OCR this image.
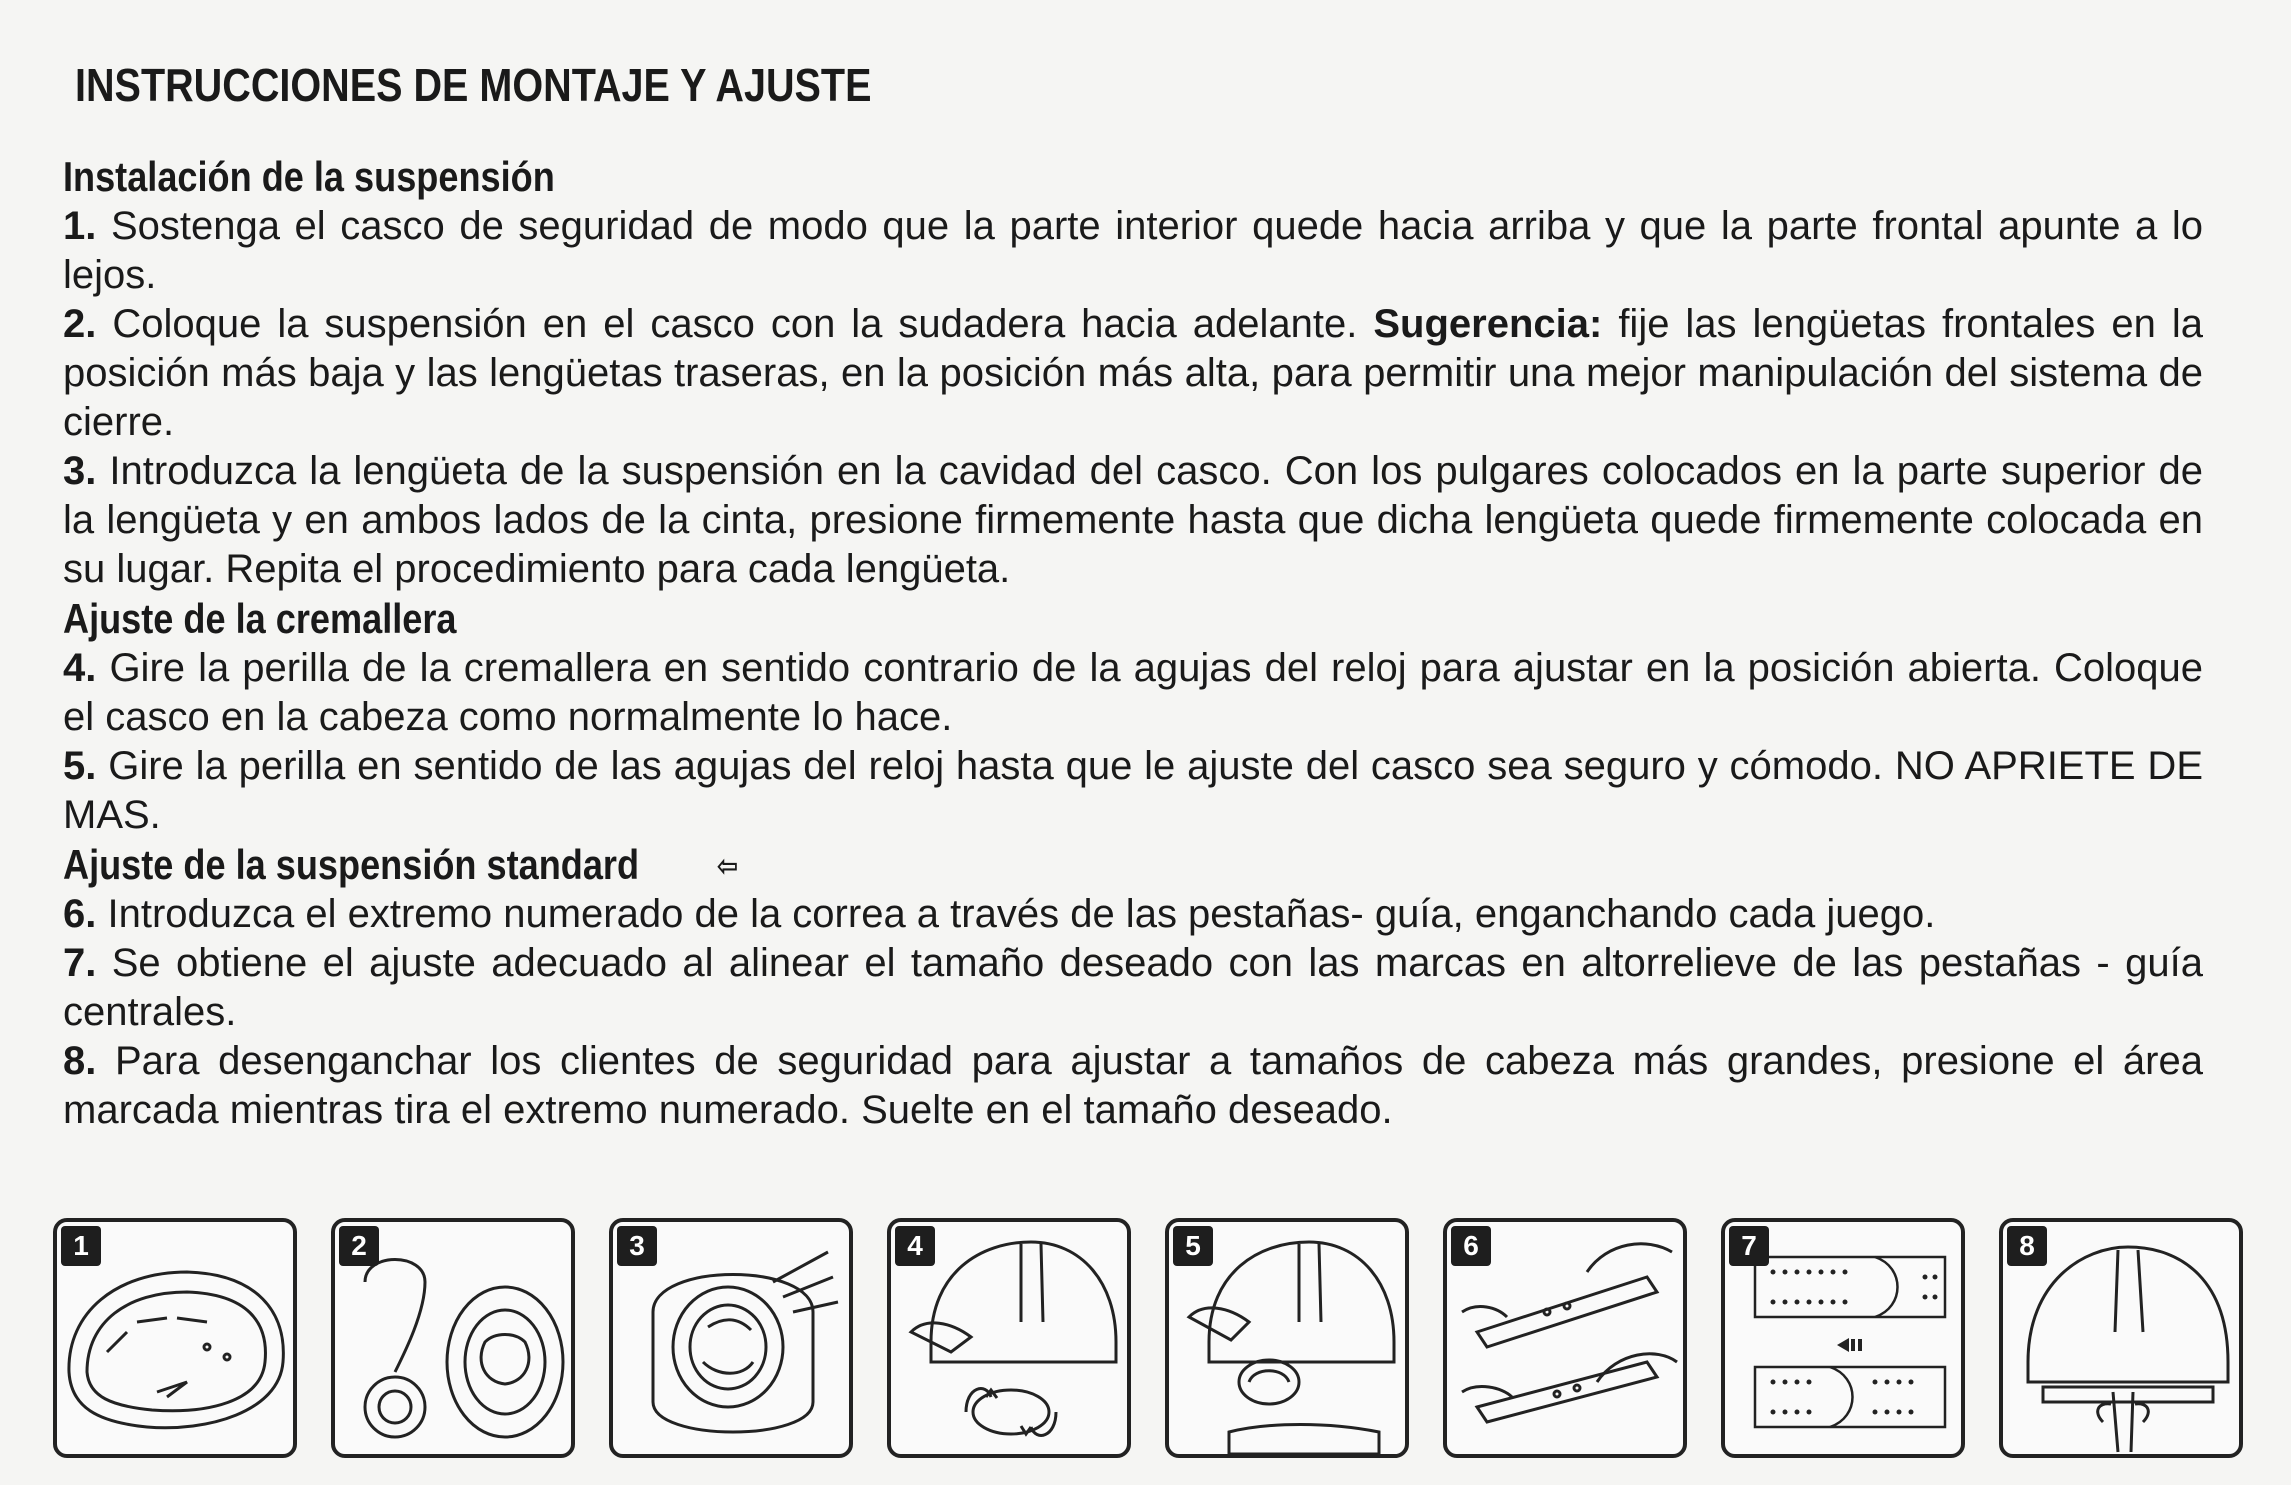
INSTRUCCIONES DE MONTAJE Y AJUSTE
Instalación de la suspensión

1. Sostenga el casco de seguridad de modo que la parte interior quede hacia arriba y que la parte frontal apunte a lo lejos.

2. Coloque la suspensión en el casco con la sudadera hacia adelante. Sugerencia: fije las lengüetas frontales en la posición más baja y las lengüetas traseras, en la posición más alta, para permitir una mejor manipulación del sistema de cierre.

3. Introduzca la lengüeta de la suspensión en la cavidad del casco. Con los pulgares colocados en la parte superior de la lengüeta y en ambos lados de la cinta, presione firmemente hasta que dicha lengüeta quede firmemente colocada en su lugar. Repita el procedimiento para cada lengüeta.

Ajuste de la cremallera

4. Gire la perilla de la cremallera en sentido contrario de la agujas del reloj para ajustar en la posición abierta. Coloque el casco en la cabeza como normalmente lo hace.

5. Gire la perilla en sentido de las agujas del reloj hasta que le ajuste del casco sea seguro y cómodo. NO APRIETE DE MAS.

Ajuste de la suspensión standard	⇦

6. Introduzca el extremo numerado de la correa a través de las pestañas- guía, enganchando cada juego.

7. Se obtiene el ajuste adecuado al alinear el tamaño deseado con las marcas en altorrelieve de las pestañas - guía centrales.

8. Para desenganchar los clientes de seguridad para ajustar a tamaños de cabeza más grandes, presione el área marcada mientras tira el extremo numerado. Suelte en el tamaño deseado.

1	2	3	4	5	6	7	8
